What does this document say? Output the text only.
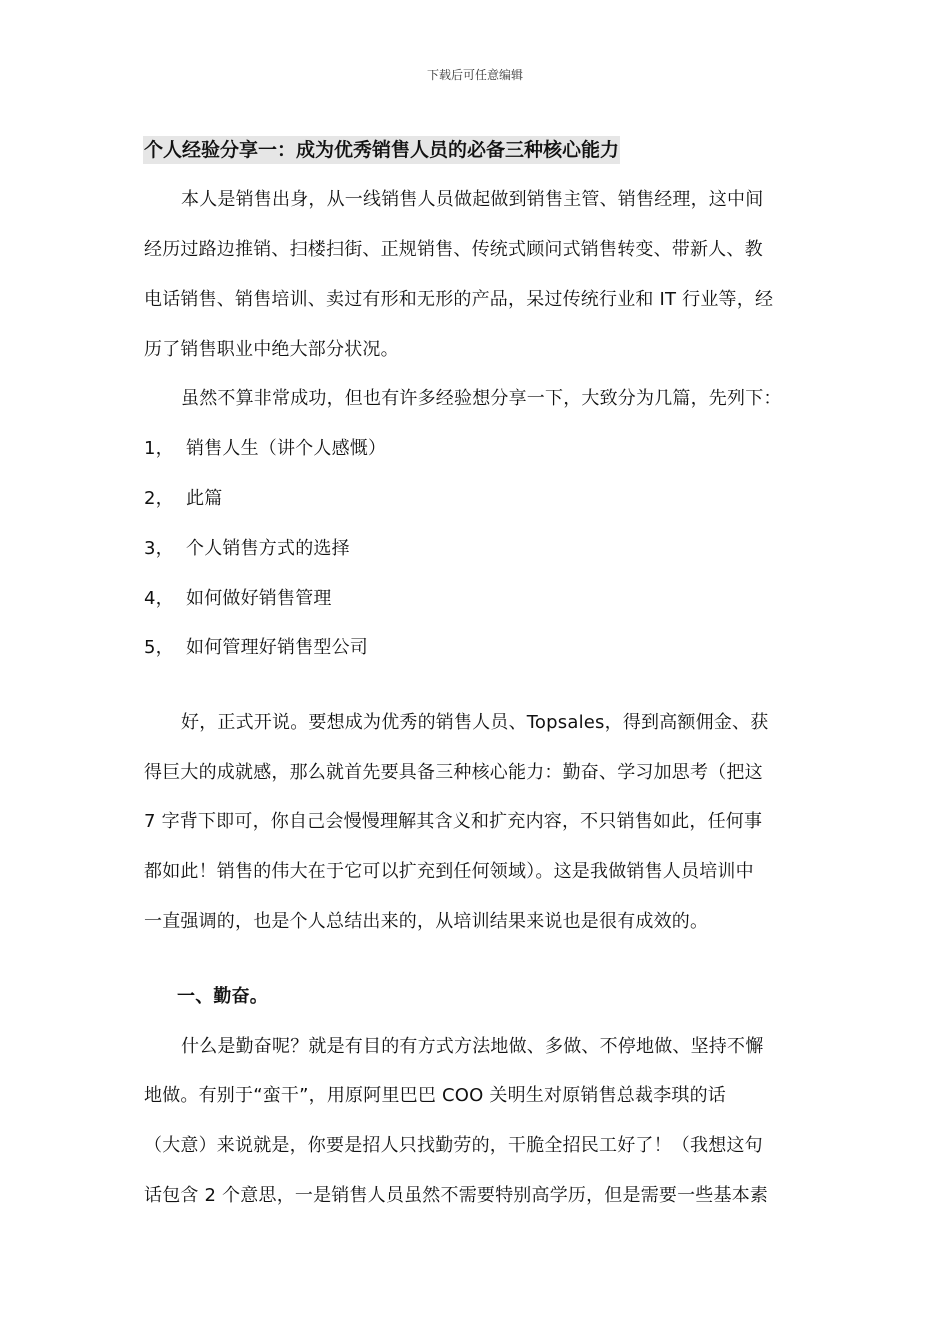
下载后可任意编辑
个人经验分享一：成为优秀销售人员的必备三种核心能力
本人是销售出身，从一线销售人员做起做到销售主管、销售经理，这中间
经历过路边推销、扫楼扫街、正规销售、传统式顾问式销售转变、带新人、教
电话销售、销售培训、卖过有形和无形的产品，呆过传统行业和 IT 行业等，经
历了销售职业中绝大部分状况。
虽然不算非常成功，但也有许多经验想分享一下，大致分为几篇，先列下：
1， 销售人生（讲个人感慨）
2， 此篇
3， 个人销售方式的选择
4， 如何做好销售管理
5， 如何管理好销售型公司
好，正式开说。要想成为优秀的销售人员、Topsales，得到高额佣金、获
得巨大的成就感，那么就首先要具备三种核心能力：勤奋、学习加思考（把这
7 字背下即可，你自己会慢慢理解其含义和扩充内容，不只销售如此，任何事
都如此！销售的伟大在于它可以扩充到任何领域）。这是我做销售人员培训中
一直强调的，也是个人总结出来的，从培训结果来说也是很有成效的。
一、勤奋。
什么是勤奋呢？就是有目的有方式方法地做、多做、不停地做、坚持不懈
地做。有别于“蛮干”，用原阿里巴巴 COO 关明生对原销售总裁李琪的话
（大意）来说就是，你要是招人只找勤劳的，干脆全招民工好了！（我想这句
话包含 2 个意思，一是销售人员虽然不需要特别高学历，但是需要一些基本素
